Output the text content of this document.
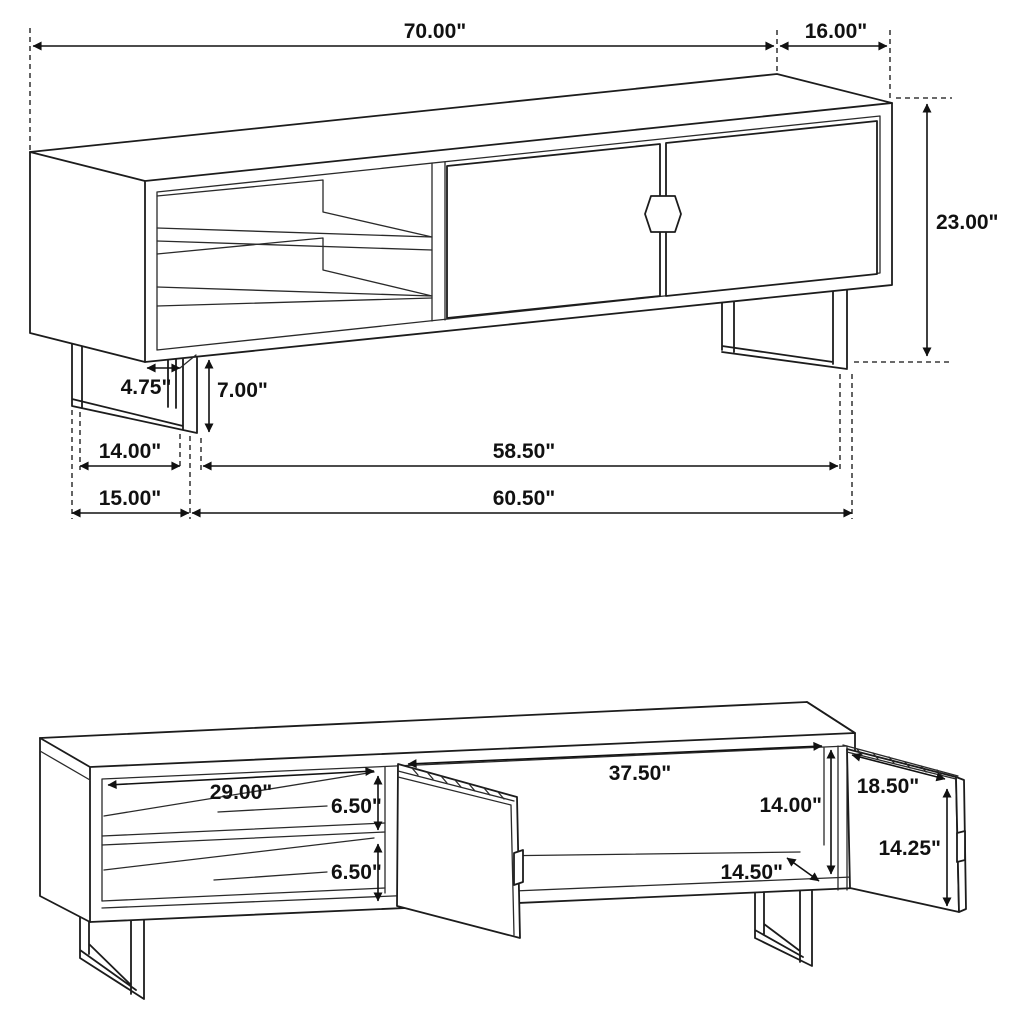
70.00"	16.00"
23.00"
4.75" 7.00"
14.00"	58.50"
15.00"	60.50"
29.00"
6.50"
6.50"
37.50"
14.00"
14.50"
18.50"
14.25"
